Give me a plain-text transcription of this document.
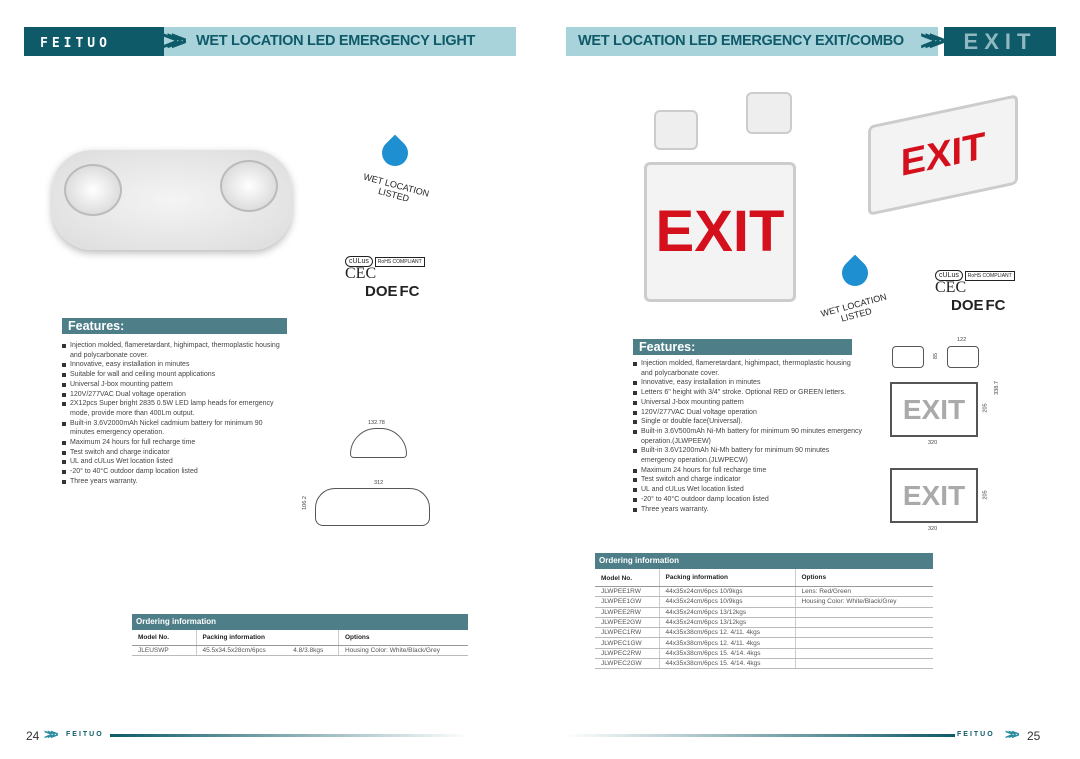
FEITUO	>>> WET LOCATION LED EMERGENCY LIGHT	WET LOCATION LED EMERGENCY EXIT/COMBO	EXIT
>>>
WET LOCATION LISTED
cULus RoHS COMPLIANT CEC
DOE FC
Features:
Injection molded, flameretardant, highimpact, thermoplastic housing and polycarbonate cover.
Innovative, easy installation in minutes
Suitable for wall and ceiling mount applications
Universal J-box mounting pattern
120V/277VAC Dual voltage operation
2X12pcs Super bright 2835 0.5W LED lamp heads for emergency mode, provide more than 400Lm output.
Built-in 3.6V2000mAh Nickel cadmium battery for minimum 90 minutes emergency operation.
Maximum 24 hours for full recharge time
Test switch and charge indicator
UL and cULus Wet location listed
-20° to 40°C outdoor damp location listed
Three years warranty.
132.78
312
106.2
Ordering information
Model No.	Packing information		Options
JLEUSWP	45.5x34.5x28cm/6pcs	4.8/3.8kgs	Housing Color: White/Black/Grey
EXIT
EXIT
WET LOCATION LISTED
cULus RoHS COMPLIANT CEC
DOE FC
Features:
Injection molded, flameretardant, highimpact, thermoplastic housing and polycarbonate cover.
Innovative, easy installation in minutes
Letters 6" height with 3/4" stroke. Optional RED or GREEN letters.
Universal J-box mounting pattern
120V/277VAC Dual voltage operation
Single or double face(Universal).
Built-in 3.6V500mAh Ni-Mh battery for minimum 90 minutes emergency operation.(JLWPEEW)
Built-in 3.6V1200mAh Ni-Mh battery for minimum 90 minutes emergency operation.(JLWPECW)
Maximum 24 hours for full recharge time
Test switch and charge indicator
UL and cULus Wet location listed
-20° to 40°C outdoor damp location listed
Three years warranty.
122
85
338.7
EXIT	205
320
EXIT	205
320
Ordering information
Model No.	Packing information	Options
JLWPEE1RW	44x35x24cm/6pcs 10/9kgs	Lens: Red/Green
JLWPEE1GW	44x35x24cm/6pcs 10/9kgs	Housing Color: White/Black/Grey
JLWPEE2RW	44x35x24cm/6pcs 13/12kgs	
JLWPEE2GW	44x35x24cm/6pcs 13/12kgs	
JLWPEC1RW	44x35x38cm/6pcs 12. 4/11. 4kgs	
JLWPEC1GW	44x35x38cm/6pcs 12. 4/11. 4kgs	
JLWPEC2RW	44x35x38cm/6pcs 15. 4/14. 4kgs	
JLWPEC2GW	44x35x38cm/6pcs 15. 4/14. 4kgs	
24 >>> FEITUO	FEITUO >>> 25
